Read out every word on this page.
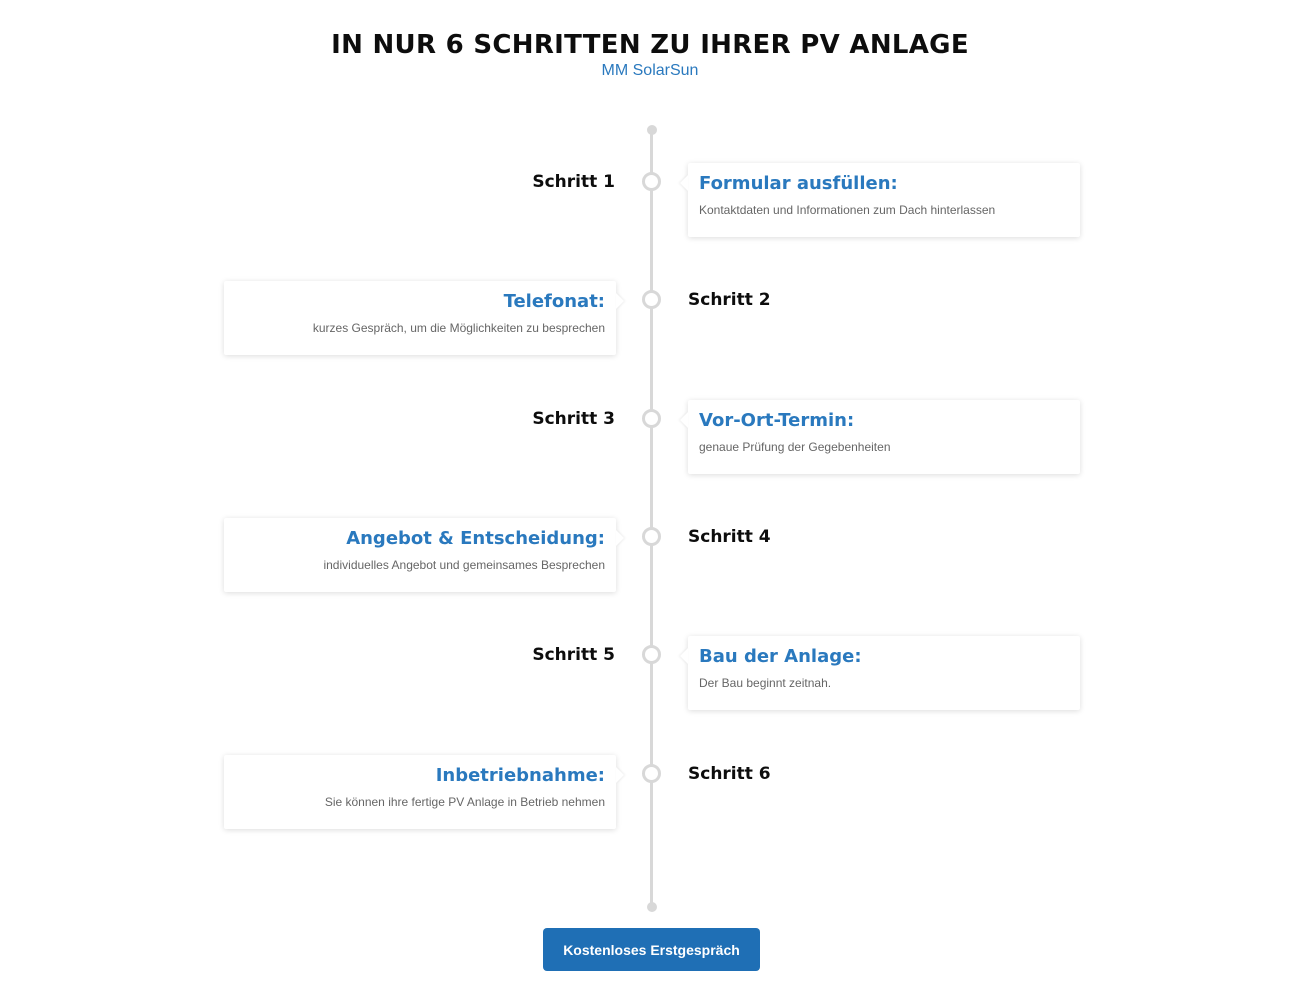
IN NUR 6 SCHRITTEN ZU IHRER PV ANLAGE
MM SolarSun
Schritt 1	Formular ausfüllen:
Kontaktdaten und Informationen zum Dach hinterlassen
Telefonat:
kurzes Gespräch, um die Möglichkeiten zu besprechen
Schritt 2
Schritt 3	Vor-Ort-Termin:
genaue Prüfung der Gegebenheiten
Angebot & Entscheidung:
individuelles Angebot und gemeinsames Besprechen
Schritt 4
Schritt 5	Bau der Anlage:
Der Bau beginnt zeitnah.
Inbetriebnahme:
Sie können ihre fertige PV Anlage in Betrieb nehmen
Schritt 6
Kostenloses Erstgespräch
